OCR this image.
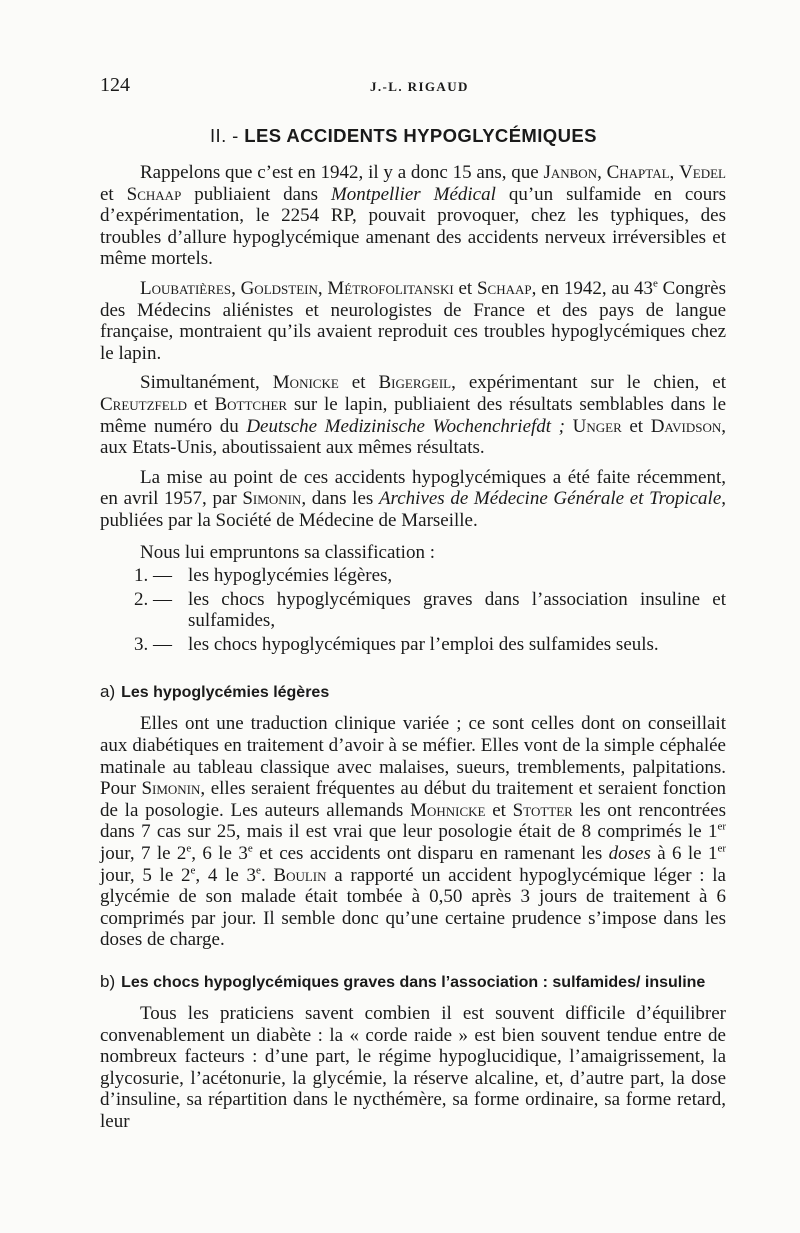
124	J.-L. RIGAUD
II. - LES ACCIDENTS HYPOGLYCÉMIQUES

Rappelons que c’est en 1942, il y a donc 15 ans, que Janbon, Chaptal, Vedel et Schaap publiaient dans Montpellier Médical qu’un sulfamide en cours d’expérimentation, le 2254 RP, pouvait provoquer, chez les typhiques, des troubles d’allure hypoglycémique amenant des accidents nerveux irréversibles et même mortels.

Loubatières, Goldstein, Métrofolitanski et Schaap, en 1942, au 43e Congrès des Médecins aliénistes et neurologistes de France et des pays de langue française, montraient qu’ils avaient reproduit ces troubles hypoglycémiques chez le lapin.

Simultanément, Monicke et Bigergeil, expérimentant sur le chien, et Creutzfeld et Bottcher sur le lapin, publiaient des résultats semblables dans le même numéro du Deutsche Medizinische Wochenchriefdt ; Unger et Davidson, aux Etats-Unis, aboutissaient aux mêmes résultats.

La mise au point de ces accidents hypoglycémiques a été faite récemment, en avril 1957, par Simonin, dans les Archives de Médecine Générale et Tropicale, publiées par la Société de Médecine de Marseille.

Nous lui empruntons sa classification :
1. — les hypoglycémies légères,
2. — les chocs hypoglycémiques graves dans l’association insuline et sulfamides,
3. — les chocs hypoglycémiques par l’emploi des sulfamides seuls.
a) Les hypoglycémies légères

Elles ont une traduction clinique variée ; ce sont celles dont on conseillait aux diabétiques en traitement d’avoir à se méfier. Elles vont de la simple céphalée matinale au tableau classique avec malaises, sueurs, tremblements, palpitations. Pour Simonin, elles seraient fréquentes au début du traitement et seraient fonction de la posologie. Les auteurs allemands Mohnicke et Stotter les ont rencontrées dans 7 cas sur 25, mais il est vrai que leur posologie était de 8 comprimés le 1er jour, 7 le 2e, 6 le 3e et ces accidents ont disparu en ramenant les doses à 6 le 1er jour, 5 le 2e, 4 le 3e. Boulin a rapporté un accident hypoglycémique léger : la glycémie de son malade était tombée à 0,50 après 3 jours de traitement à 6 comprimés par jour. Il semble donc qu’une certaine prudence s’impose dans les doses de charge.

b) Les chocs hypoglycémiques graves dans l’association : sulfamides/ insuline

Tous les praticiens savent combien il est souvent difficile d’équilibrer convenablement un diabète : la « corde raide » est bien souvent tendue entre de nombreux facteurs : d’une part, le régime hypoglucidique, l’amaigrissement, la glycosurie, l’acétonurie, la glycémie, la réserve alcaline, et, d’autre part, la dose d’insuline, sa répartition dans le nycthémère, sa forme ordinaire, sa forme retard, leur
